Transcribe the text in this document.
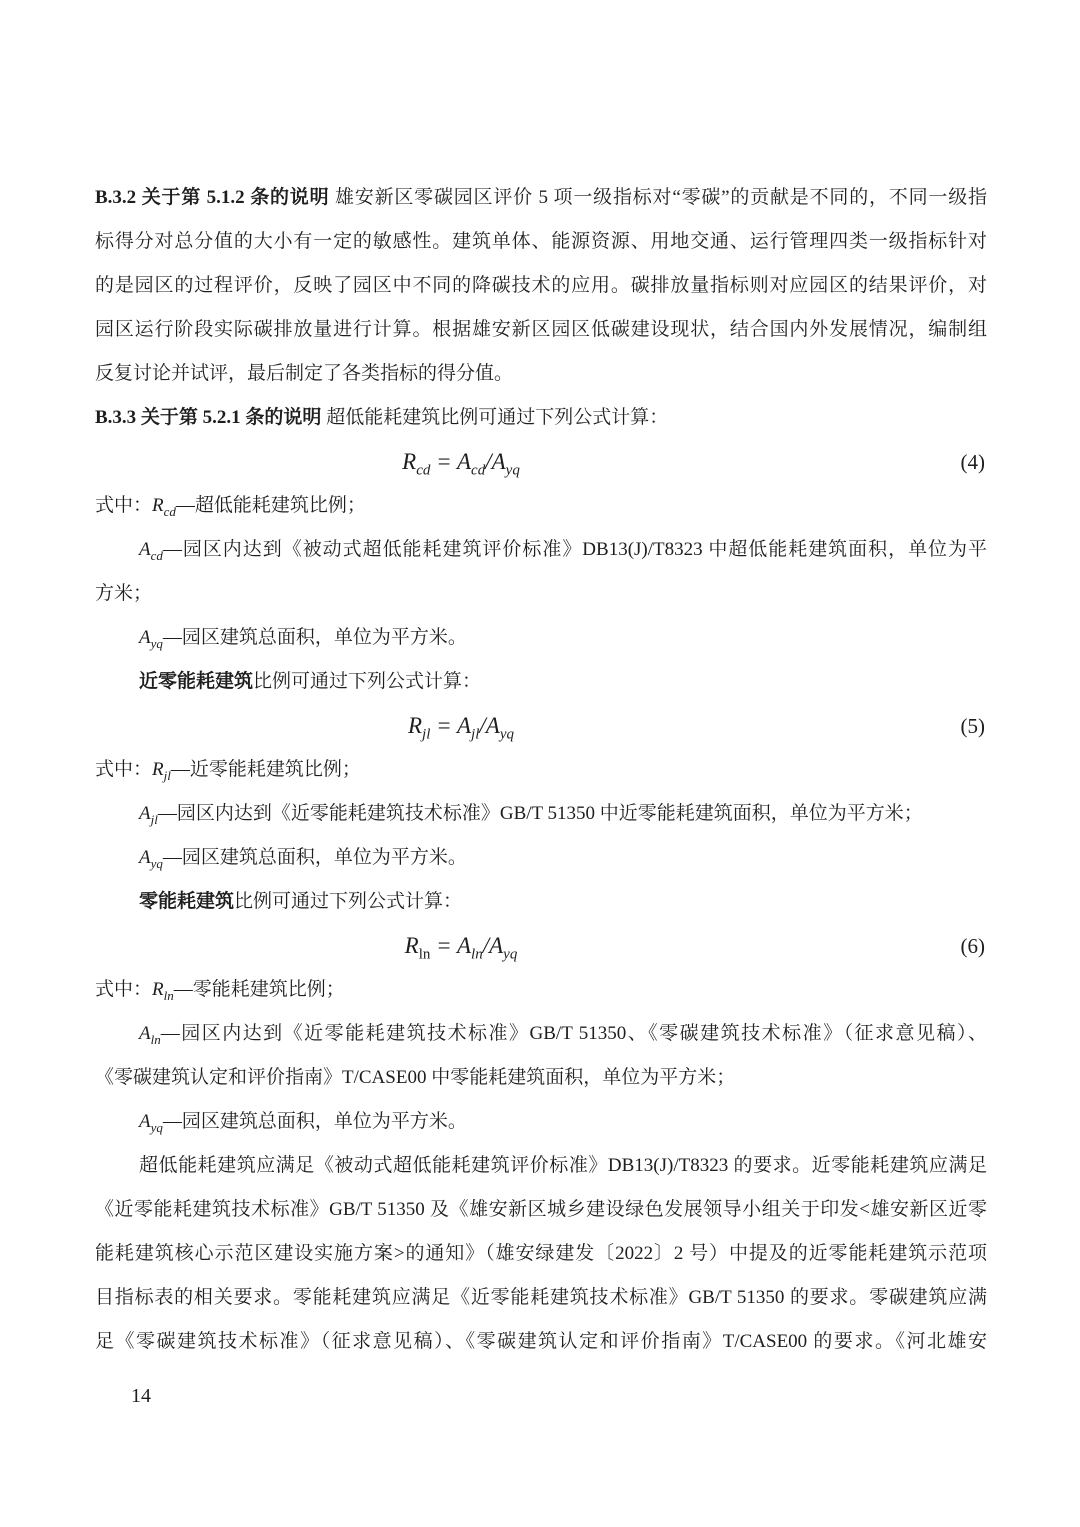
B.3.2 关于第 5.1.2 条的说明 雄安新区零碳园区评价 5 项一级指标对“零碳”的贡献是不同的，不同一级指
标得分对总分值的大小有一定的敏感性。建筑单体、能源资源、用地交通、运行管理四类一级指标针对
的是园区的过程评价，反映了园区中不同的降碳技术的应用。碳排放量指标则对应园区的结果评价，对
园区运行阶段实际碳排放量进行计算。根据雄安新区园区低碳建设现状，结合国内外发展情况，编制组
反复讨论并试评，最后制定了各类指标的得分值。
B.3.3 关于第 5.2.1 条的说明 超低能耗建筑比例可通过下列公式计算：
$R_{cd} = A_{cd}/A_{yq}$	(4)
式中：$R_{cd}—$超低能耗建筑比例；
$A_{cd}—$园区内达到《被动式超低能耗建筑评价标准》DB13(J)/T8323 中超低能耗建筑面积，单位为平
方米；
$A_{yq}—$园区建筑总面积，单位为平方米。
近零能耗建筑比例可通过下列公式计算：
$R_{jl} = A_{jl}/A_{yq}$	(5)
式中：$R_{jl}—$近零能耗建筑比例；
$A_{jl}—$园区内达到《近零能耗建筑技术标准》GB/T 51350 中近零能耗建筑面积，单位为平方米；
$A_{yq}—$园区建筑总面积，单位为平方米。
零能耗建筑比例可通过下列公式计算：
$R_{ln} = A_{ln}/A_{yq}$	(6)
式中：$R_{ln}—$零能耗建筑比例；
$A_{ln}—$园区内达到《近零能耗建筑技术标准》GB/T 51350、《零碳建筑技术标准》（征求意见稿）、
《零碳建筑认定和评价指南》T/CASE00 中零能耗建筑面积，单位为平方米；
$A_{yq}—$园区建筑总面积，单位为平方米。
超低能耗建筑应满足《被动式超低能耗建筑评价标准》DB13(J)/T8323 的要求。近零能耗建筑应满足
《近零能耗建筑技术标准》GB/T 51350 及《雄安新区城乡建设绿色发展领导小组关于印发<雄安新区近零
能耗建筑核心示范区建设实施方案>的通知》（雄安绿建发〔2022〕2 号）中提及的近零能耗建筑示范项
目指标表的相关要求。零能耗建筑应满足《近零能耗建筑技术标准》GB/T 51350 的要求。零碳建筑应满
足《零碳建筑技术标准》（征求意见稿）、《零碳建筑认定和评价指南》T/CASE00 的要求。《河北雄安
14
